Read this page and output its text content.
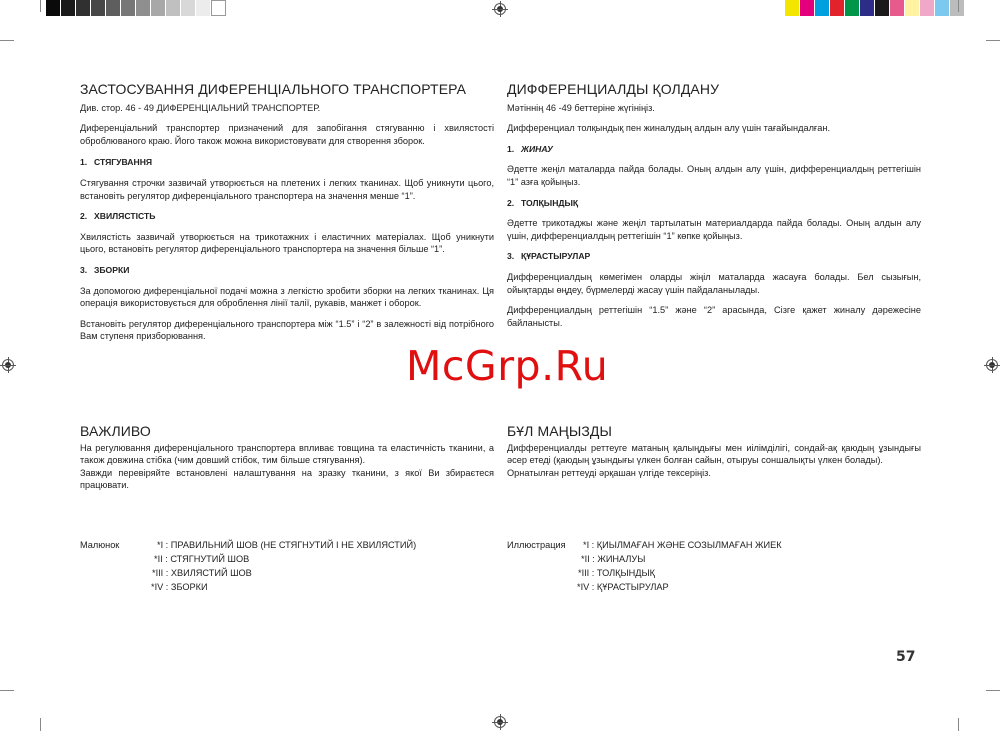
ЗАСТОСУВАННЯ ДИФЕРЕНЦІАЛЬНОГО ТРАНСПОРТЕРА

Див. стор. 46 - 49 ДИФЕРЕНЦІАЛЬНИЙ ТРАНСПОРТЕР.

Диференціальний транспортер призначений для запобігання стягуванню і хвилястості оброблюваного краю. Його також можна використовувати для створення зборок.

1. СТЯГУВАННЯ

Стягування строчки зазвичай утворюється на плетених і легких тканинах. Щоб уникнути цього, встановіть регулятор диференціального транспортера на значення менше “1”.

2. ХВИЛЯСТІСТЬ

Хвилястість зазвичай утворюється на трикотажних і еластичних матеріалах. Щоб уникнути цього, встановіть регулятор диференціального транспортера на значення більше “1”.

3. ЗБОРКИ

За допомогою диференціальної подачі можна з легкістю зробити зборки на легких тканинах. Ця операція використовується для оброблення лінії талії, рукавів, манжет і оборок.

Встановіть регулятор диференціального транспортера між “1.5” і “2” в залежності від потрібного Вам ступеня призборювання.

ДИФФЕРЕНЦИАЛДЫ ҚОЛДАНУ

Мәтіннің 46 -49 беттеріне жүгініңіз.

Дифференциал толқындық пен жиналудың алдын алу үшін тағайындалған.

1. ЖИНАУ

Әдетте жеңіл маталарда пайда болады. Оның алдын алу үшін, дифференциалдың реттегішін “1” азға қойыңыз.

2. ТОЛҚЫНДЫҚ

Әдетте трикотаджы және жеңіл тартылатын материалдарда пайда болады. Оның алдын алу үшін, дифференциалдың реттегішін “1” көпке қойыңыз.

3. ҚҰРАСТЫРУЛАР

Дифференциалдың көмегімен оларды жіңіл маталарда жасауға болады. Бел сызығын, ойықтарды өңдеу, бүрмелерді жасау үшін пайдаланылады.

Дифференциалдың реттегішін “1.5” және “2” арасында, Сізге қажет жиналу дәрежесіне байланысты.

McGrp.Ru
ВАЖЛИВО

На регулювання диференціального транспортера впливає товщина та еластичність тканини, а також довжина стібка (чим довший стібок, тим більше стягування).

Завжди перевіряйте встановлені налаштування на зразку тканини, з якої Ви збираєтеся працювати.

БҰЛ МАҢЫЗДЫ

Дифференциалды реттеуге матаның қалыңдығы мен иілімділігі, сондай-ақ қаюдың ұзындығы әсер етеді (қаюдың ұзындығы үлкен болған сайын, отыруы соншалықты үлкен болады).

Орнатылған реттеуді әрқашан үлгіде тексеріңіз.

Малюнок	*I : ПРАВИЛЬНИЙ ШОВ (НЕ СТЯГНУТИЙ І НЕ ХВИЛЯСТИЙ)
*II : СТЯГНУТИЙ ШОВ
*III : ХВИЛЯСТИЙ ШОВ
*IV : ЗБОРКИ
Иллюстрация *I : ҚИЫЛМАҒАН ЖӘНЕ СОЗЫЛМАҒАН ЖИЕК
*II : ЖИНАЛУЫ
*III : ТОЛҚЫНДЫҚ
*IV : ҚҰРАСТЫРУЛАР
57
